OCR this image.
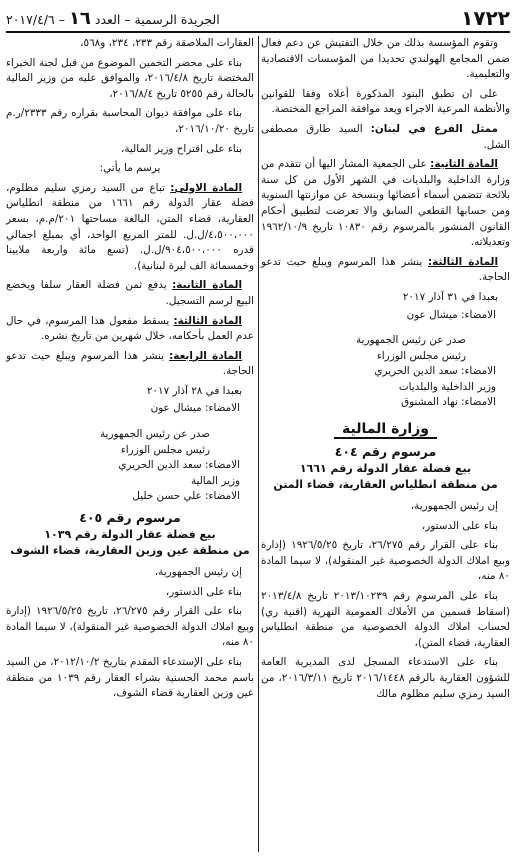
١٧٢٢
الجريدة الرسمية – العدد ١٦ – ٢٠١٧/٤/٦

وتقوم المؤسسة بذلك من خلال التفتيش عن دعم فعال ضمن المجامع الهولندي تحديدا من المؤسسات الاقتصادية والتعليمية.

على ان تطبق البنود المذكورة أعلاه وفقا للقوانين والأنظمة المرعية الاجراء ويعد موافقة المراجع المختصة.

ممثل الفرع في لبنان: السيد طارق مصطفى الشل.

المادة الثانية: على الجمعية المشار اليها أن تتقدم من وزارة الداخلية والبلديات في الشهر الأول من كل سنة بلائحة تتضمن أسماء أعضائها وبنسخة عن موازنتها السنوية ومن حسابها القطعي السابق والا تعرضت لتطبيق أحكام القانون المنشور بالمرسوم رقم ١٠٨٣٠ تاريخ ١٩٦٢/١٠/٩ وتعديلاته.

المادة الثالثة: ينشر هذا المرسوم ويبلغ حيث تدعو الحاجة.

بعبدا في ٣١ آذار ٢٠١٧
الامضاء: ميشال عون
صدر عن رئيس الجمهورية
رئيس مجلس الوزراء
الامضاء: سعد الدين الحريري
وزير الداخلية والبلديات
الامضاء: نهاد المشنوق
وزارة المالية
مرسوم رقم ٤٠٤
بيع فضلة عقار الدولة رقم ١٦٦١
من منطقة انطلياس العقارية، قضاء المتن

إن رئيس الجمهورية،

بناء على الدستور،

بناء على القرار رقم ٢٦/٢٧٥، تاريخ ١٩٢٦/٥/٢٥ (إدارة وبيع املاك الدولة الخصوصية غير المنقولة)، لا سيما المادة ٨٠ منه،

بناء على المرسوم رقم ٢٠١٣/١٠٢٣٩ تاريخ ٢٠١٣/٤/٨ (اسقاط قسمين من الأملاك العمومية النهرية (اقنية ري) لحساب املاك الدولة الخصوصية من منطقة انطلياس العقارية، قضاء المتن)،

بناء على الاستدعاء المسجل لدى المديرية العامة للشؤون العقارية بالرقم ٢٠١٦/١٤٤٨ تاريخ ٢٠١٦/٣/١١، من السيد رمزي سليم مظلوم مالك

العقارات الملاصقة رقم ٢٣٣، ٢٣٤، و٥٦٨،

بناء على محضر التخمين الموضوع من قبل لجنة الخبراء المختصة تاريخ ٢٠١٦/٤/٨، والموافق عليه من وزير المالية بالحالة رقم ٥٢٥٥ تاريخ ٢٠١٦/٨/٤،

بناء على موافقة ديوان المحاسبة بقراره رقم ٢٣٣٣/ر.م تاريخ ٢٠١٦/١٠/٢٠،

بناء على اقتراح وزير المالية،

يرسم ما يأتي:

المادة الاولى: تباع من السيد رمزي سليم مظلوم، فضلة عقار الدولة رقم ١٦٦١ من منطقة انطلياس العقارية، قضاء المتن، البالغة مساحتها ٢٠١/م.م، بسعر ٤،٥٠٠،٠٠٠/ل.ل. للمتر المربع الواحد، أي بمبلغ اجمالي قدره ٩٠٤،٥٠٠،٠٠٠/ل.ل. (تسع مائة واربعة ملايينا وخمسمائة الف ليرة لبنانية).

المادة الثانية: يدفع ثمن فضلة العقار سلفا ويخضع البيع لرسم التسجيل.

المادة الثالثة: يسقط مفعول هذا المرسوم، في حال عدم العمل بأحكامه، خلال شهرين من تاريخ نشره.

المادة الرابعة: ينشر هذا المرسوم ويبلغ حيث تدعو الحاجة.

بعبدا في ٢٨ آذار ٢٠١٧
الامضاء: ميشال عون
صدر عن رئيس الجمهورية
رئيس مجلس الوزراء
الامضاء: سعد الدين الحريري
وزير المالية
الامضاء: علي حسن خليل
مرسوم رقم ٤٠٥
بيع فضلة عقار الدولة رقم ١٠٣٩
من منطقة عين وزين العقارية، قضاء الشوف

إن رئيس الجمهورية،

بناء على الدستور،

بناء على القرار رقم ٢٦/٢٧٥، تاريخ ١٩٢٦/٥/٢٥ (إدارة وبيع املاك الدولة الخصوصية غير المنقولة)، لا سيما المادة ٨٠ منه،

بناء على الإستدعاء المقدم بتاريخ ٢٠١٢/١٠/٢، من السيد باسم محمد الحسنية بشراء العقار رقم ١٠٣٩ من منطقة عين وزين العقارية قضاء الشوف،
